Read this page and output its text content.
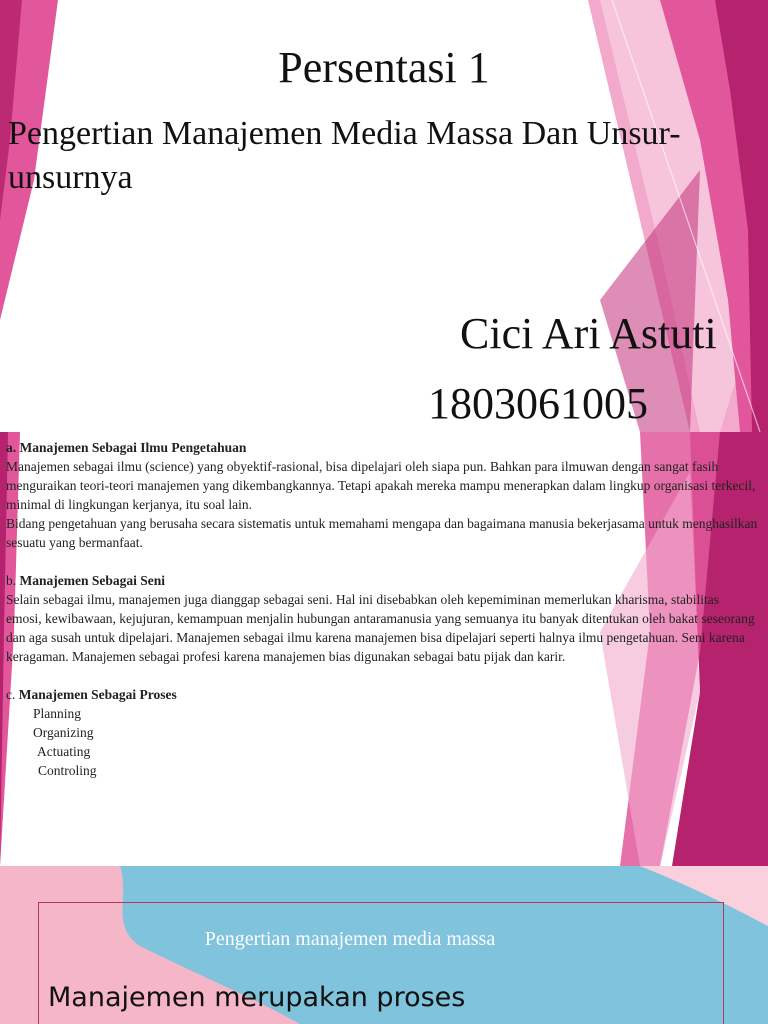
Persentasi 1
Pengertian Manajemen Media Massa Dan Unsur-unsurnya
Cici Ari Astuti
1803061005

a. Manajemen Sebagai Ilmu Pengetahuan

Manajemen sebagai ilmu (science) yang obyektif-rasional, bisa dipelajari oleh siapa pun. Bahkan para ilmuwan dengan sangat fasih menguraikan teori-teori manajemen yang dikembangkannya. Tetapi apakah mereka mampu menerapkan dalam lingkup organisasi terkecil, minimal di lingkungan kerjanya, itu soal lain.

Bidang pengetahuan yang berusaha secara sistematis untuk memahami mengapa dan bagaimana manusia bekerjasama untuk menghasilkan sesuatu yang bermanfaat.

b. Manajemen Sebagai Seni

Selain sebagai ilmu, manajemen juga dianggap sebagai seni. Hal ini disebabkan oleh kepemiminan memerlukan kharisma, stabilitas emosi, kewibawaan, kejujuran, kemampuan menjalin hubungan antaramanusia yang semuanya itu banyak ditentukan oleh bakat seseorang dan aga susah untuk dipelajari. Manajemen sebagai ilmu karena manajemen bisa dipelajari seperti halnya ilmu pengetahuan. Seni karena keragaman. Manajemen sebagai profesi karena manajemen bias digunakan sebagai batu pijak dan karir.

c. Manajemen Sebagai Proses

Planning

Organizing

Actuating

Controling

Pengertian manajemen media massa
Manajemen merupakan proses
